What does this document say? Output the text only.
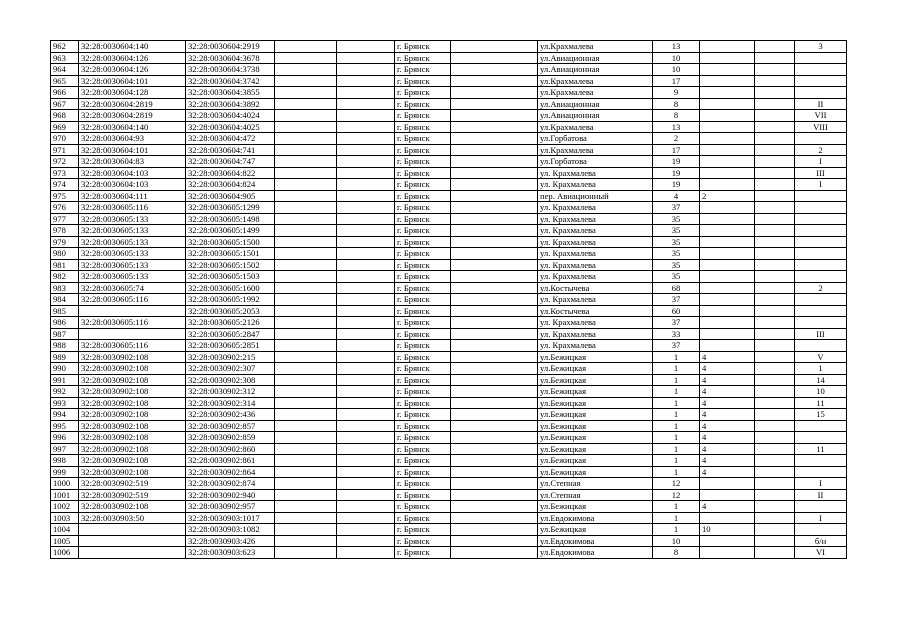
962	32:28:0030604:140	32:28:0030604:2919			г. Брянск		ул.Крахмалева	13			3
963	32:28:0030604:126	32:28:0030604:3678			г. Брянск		ул.Авиационная	10			
964	32:28:0030604:126	32:28:0030604:3738			г. Брянск		ул.Авиационная	10			
965	32:28:0030604:101	32:28:0030604:3742			г. Брянск		ул.Крахмалева	17			
966	32:28:0030604:128	32:28:0030604:3855			г. Брянск		ул.Крахмалева	9			
967	32:28:0030604:2819	32:28:0030604:3892			г. Брянск		ул.Авиационная	8			II
968	32:28:0030604:2819	32:28:0030604:4024			г. Брянск		ул.Авиационная	8			VII
969	32:28:0030604:140	32:28:0030604:4025			г. Брянск		ул.Крахмалева	13			VIII
970	32:28:0030604:93	32:28:0030604:472			г. Брянск		ул.Горбатова	2			
971	32:28:0030604:101	32:28:0030604:741			г. Брянск		ул.Крахмалева	17			2
972	32:28:0030604:83	32:28:0030604:747			г. Брянск		ул.Горбатова	19			I
973	32:28:0030604:103	32:28:0030604:822			г. Брянск		ул. Крахмалева	19			III
974	32:28:0030604:103	32:28:0030604:824			г. Брянск		ул. Крахмалева	19			I
975	32:28:0030604:111	32:28:0030604:905			г. Брянск		пер. Авиационный	4	2		
976	32:28:0030605:116	32:28:0030605:1299			г. Брянск		ул. Крахмалева	37			
977	32:28:0030605:133	32:28:0030605:1498			г. Брянск		ул. Крахмалева	35			
978	32:28:0030605:133	32:28:0030605:1499			г. Брянск		ул. Крахмалева	35			
979	32:28:0030605:133	32:28:0030605:1500			г. Брянск		ул. Крахмалева	35			
980	32:28:0030605:133	32:28:0030605:1501			г. Брянск		ул. Крахмалева	35			
981	32:28:0030605:133	32:28:0030605:1502			г. Брянск		ул. Крахмалева	35			
982	32:28:0030605:133	32:28:0030605:1503			г. Брянск		ул. Крахмалева	35			
983	32:28:0030605:74	32:28:0030605:1600			г. Брянск		ул.Костычева	68			2
984	32:28:0030605:116	32:28:0030605:1992			г. Брянск		ул. Крахмалева	37			
985		32:28:0030605:2053			г. Брянск		ул.Костычева	60			
986	32:28:0030605:116	32:28:0030605:2126			г. Брянск		ул. Крахмалева	37			
987		32:28:0030605:2847			г. Брянск		ул. Крахмалева	33			III
988	32:28:0030605:116	32:28:0030605:2851			г. Брянск		ул. Крахмалева	37			
989	32:28:0030902:108	32:28:0030902:215			г. Брянск		ул.Бежицкая	1	4		V
990	32:28:0030902:108	32:28:0030902:307			г. Брянск		ул.Бежицкая	1	4		1
991	32:28:0030902:108	32:28:0030902:308			г. Брянск		ул.Бежицкая	1	4		14
992	32:28:0030902:108	32:28:0030902:312			г. Брянск		ул.Бежицкая	1	4		10
993	32:28:0030902:108	32:28:0030902:314			г. Брянск		ул.Бежицкая	1	4		11
994	32:28:0030902:108	32:28:0030902:436			г. Брянск		ул.Бежицкая	1	4		15
995	32:28:0030902:108	32:28:0030902:857			г. Брянск		ул.Бежицкая	1	4		
996	32:28:0030902:108	32:28:0030902:859			г. Брянск		ул.Бежицкая	1	4		
997	32:28:0030902:108	32:28:0030902:860			г. Брянск		ул.Бежицкая	1	4		11
998	32:28:0030902:108	32:28:0030902:861			г. Брянск		ул.Бежицкая	1	4		
999	32:28:0030902:108	32:28:0030902:864			г. Брянск		ул.Бежицкая	1	4		
1000	32:28:0030902:519	32:28:0030902:874			г. Брянск		ул.Степная	12			I
1001	32:28:0030902:519	32:28:0030902:940			г. Брянск		ул.Степная	12			II
1002	32:28:0030902:108	32:28:0030902:957			г. Брянск		ул.Бежицкая	1	4		
1003	32:28:0030903:50	32:28:0030903:1017			г. Брянск		ул.Евдокимова	1			I
1004		32:28:0030903:1082			г. Брянск		ул.Бежицкая	1	10		
1005		32:28:0030903:426			г. Брянск		ул.Евдокимова	10			б/н
1006		32:28:0030903:623			г. Брянск		ул.Евдокимова	8			VI
